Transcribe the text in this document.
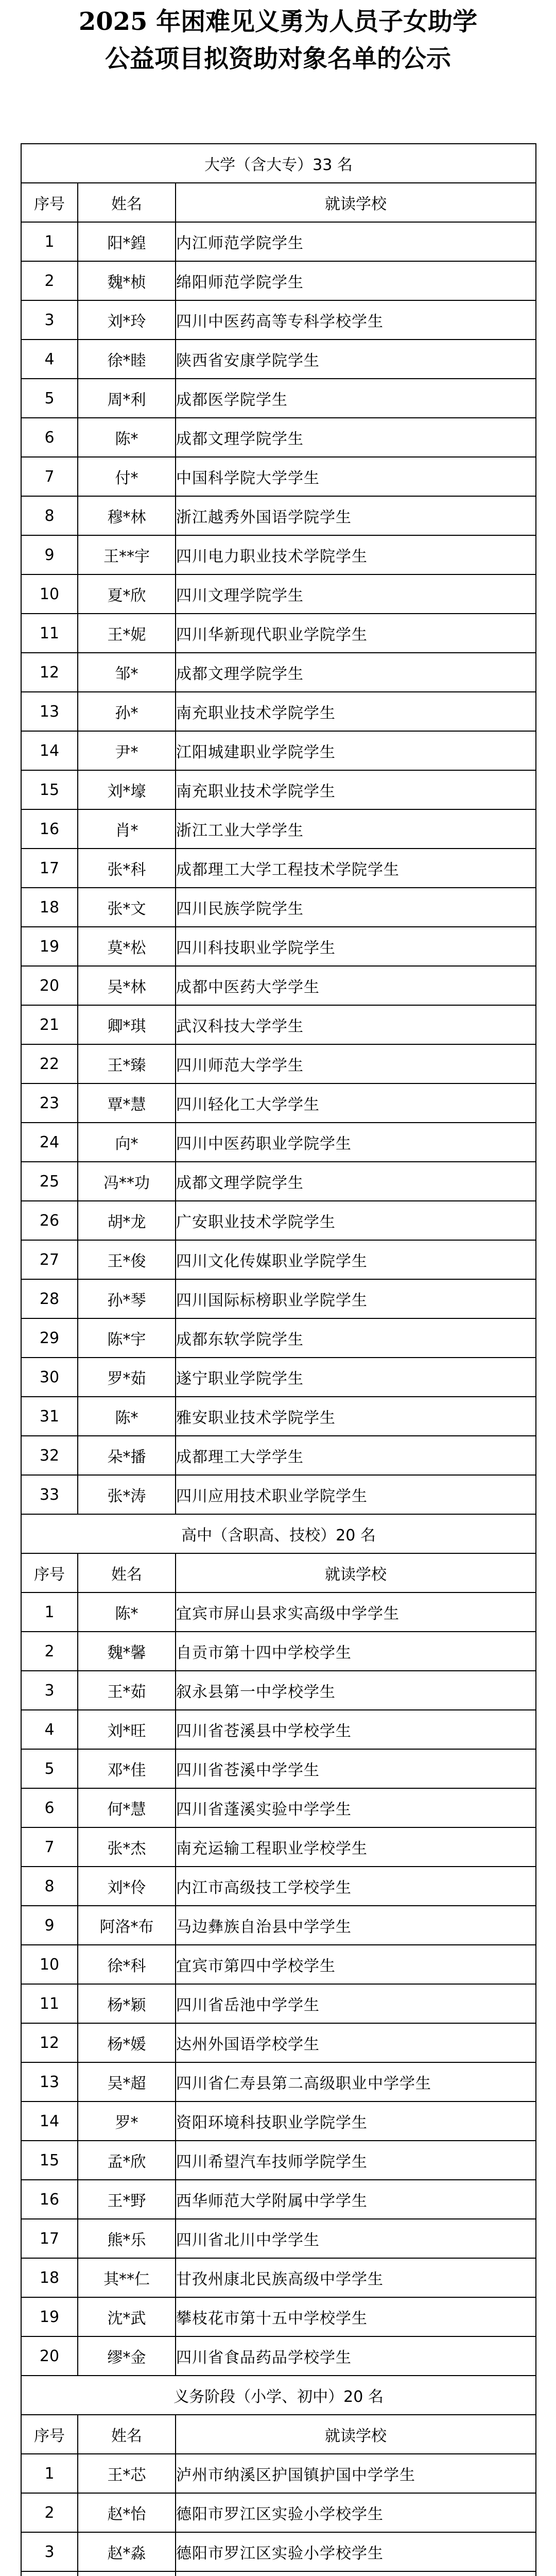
2025 年困难见义勇为人员子女助学
公益项目拟资助对象名单的公示
大学（含大专）33 名		
序号	姓名	就读学校
1	阳*鍠	内江师范学院学生
2	魏*桢	绵阳师范学院学生
3	刘*玲	四川中医药高等专科学校学生
4	徐*睦	陕西省安康学院学生
5	周*利	成都医学院学生
6	陈*	成都文理学院学生
7	付*	中国科学院大学学生
8	穆*林	浙江越秀外国语学院学生
9	王**宇	四川电力职业技术学院学生
10	夏*欣	四川文理学院学生
11	王*妮	四川华新现代职业学院学生
12	邹*	成都文理学院学生
13	孙*	南充职业技术学院学生
14	尹*	江阳城建职业学院学生
15	刘*壕	南充职业技术学院学生
16	肖*	浙江工业大学学生
17	张*科	成都理工大学工程技术学院学生
18	张*文	四川民族学院学生
19	莫*松	四川科技职业学院学生
20	吴*林	成都中医药大学学生
21	卿*琪	武汉科技大学学生
22	王*臻	四川师范大学学生
23	覃*慧	四川轻化工大学学生
24	向*	四川中医药职业学院学生
25	冯**功	成都文理学院学生
26	胡*龙	广安职业技术学院学生
27	王*俊	四川文化传媒职业学院学生
28	孙*琴	四川国际标榜职业学院学生
29	陈*宇	成都东软学院学生
30	罗*茹	遂宁职业学院学生
31	陈*	雅安职业技术学院学生
32	朵*播	成都理工大学学生
33	张*涛	四川应用技术职业学院学生
高中（含职高、技校）20 名		
序号	姓名	就读学校
1	陈*	宜宾市屏山县求实高级中学学生
2	魏*馨	自贡市第十四中学校学生
3	王*茹	叙永县第一中学校学生
4	刘*旺	四川省苍溪县中学校学生
5	邓*佳	四川省苍溪中学学生
6	何*慧	四川省蓬溪实验中学学生
7	张*杰	南充运输工程职业学校学生
8	刘*伶	内江市高级技工学校学生
9	阿洛*布	马边彝族自治县中学学生
10	徐*科	宜宾市第四中学校学生
11	杨*颖	四川省岳池中学学生
12	杨*媛	达州外国语学校学生
13	吴*超	四川省仁寿县第二高级职业中学学生
14	罗*	资阳环境科技职业学院学生
15	孟*欣	四川希望汽车技师学院学生
16	王*野	西华师范大学附属中学学生
17	熊*乐	四川省北川中学学生
18	其**仁	甘孜州康北民族高级中学学生
19	沈*武	攀枝花市第十五中学校学生
20	缪*金	四川省食品药品学校学生
义务阶段（小学、初中）20 名		
序号	姓名	就读学校
1	王*芯	泸州市纳溪区护国镇护国中学学生
2	赵*怡	德阳市罗江区实验小学校学生
3	赵*淼	德阳市罗江区实验小学校学生
